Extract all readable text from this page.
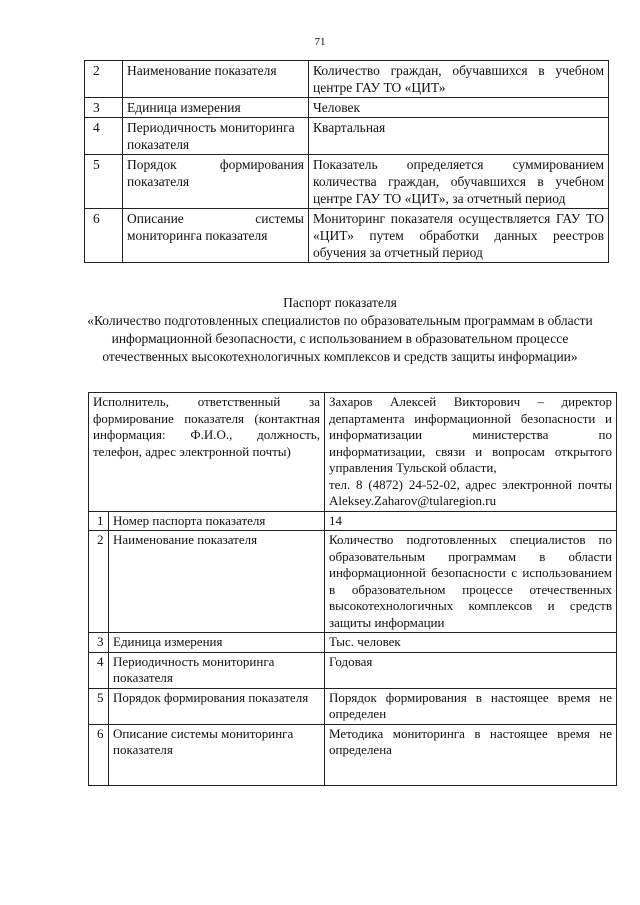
71
2	Наименование показателя	Количество граждан, обучавшихся в учебном центре ГАУ ТО «ЦИТ»
3	Единица измерения	Человек
4	Периодичность мониторинга показателя	Квартальная
5	Порядок формирования показателя	Показатель определяется суммированием количества граждан, обучавшихся в учебном центре ГАУ ТО «ЦИТ», за отчетный период
6	Описание системы мониторинга показателя	Мониторинг показателя осуществляется ГАУ ТО «ЦИТ» путем обработки данных реестров обучения за отчетный период
Паспорт показателя
«Количество подготовленных специалистов по образовательным программам в области информационной безопасности, с использованием в образовательном процессе отечественных высокотехнологичных комплексов и средств защиты информации»
Исполнитель, ответственный за формирование показателя (контактная информация: Ф.И.О., должность, телефон, адрес электронной почты)		Захаров Алексей Викторович – директор департамента информационной безопасности и информатизации министерства по информатизации, связи и вопросам открытого управления Тульской области,
тел. 8 (4872) 24-52-02, адрес электронной почты Aleksey.Zaharov@tularegion.ru

1	Номер паспорта показателя	14
2	Наименование показателя	Количество подготовленных специалистов по образовательным программам в области информационной безопасности с использованием в образовательном процессе отечественных высокотехнологичных комплексов и средств защиты информации
3	Единица измерения	Тыс. человек
4	Периодичность мониторинга показателя	Годовая
5	Порядок формирования показателя	Порядок формирования в настоящее время не определен
6	Описание системы мониторинга показателя	Методика мониторинга в настоящее время не определена
